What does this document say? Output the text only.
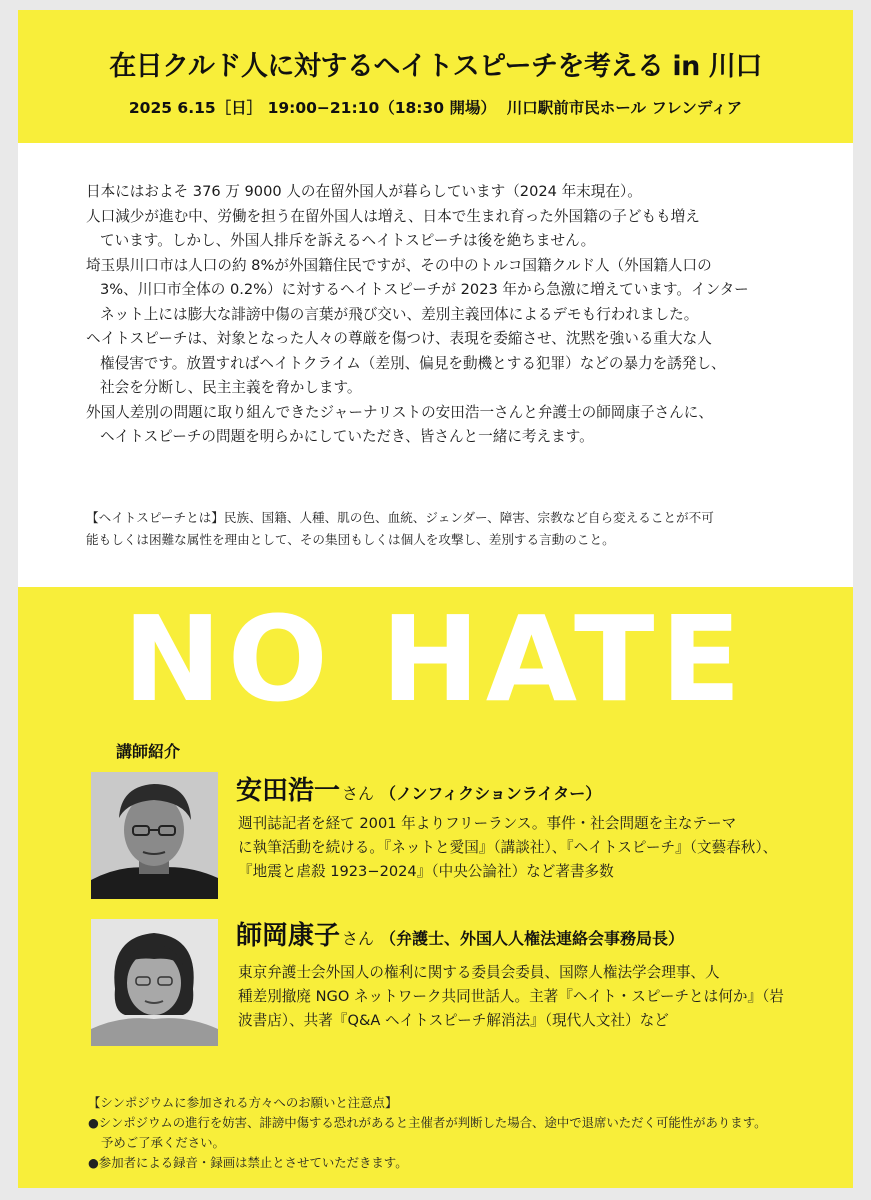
在日クルド人に対するヘイトスピーチを考える in 川口
2025 6.15［日］ 19:00−21:10（18:30 開場）  川口駅前市民ホール フレンディア

日本にはおよそ 376 万 9000 人の在留外国人が暮らしています（2024 年末現在）。

人口減少が進む中、労働を担う在留外国人は増え、日本で生まれ育った外国籍の子どもも増え

ています。しかし、外国人排斥を訴えるヘイトスピーチは後を絶ちません。

埼玉県川口市は人口の約 8%が外国籍住民ですが、その中のトルコ国籍クルド人（外国籍人口の

3%、川口市全体の 0.2%）に対するヘイトスピーチが 2023 年から急激に増えています。インター

ネット上には膨大な誹謗中傷の言葉が飛び交い、差別主義団体によるデモも行われました。

ヘイトスピーチは、対象となった人々の尊厳を傷つけ、表現を委縮させ、沈黙を強いる重大な人

権侵害です。放置すればヘイトクライム（差別、偏見を動機とする犯罪）などの暴力を誘発し、

社会を分断し、民主主義を脅かします。

外国人差別の問題に取り組んできたジャーナリストの安田浩一さんと弁護士の師岡康子さんに、

ヘイトスピーチの問題を明らかにしていただき、皆さんと一緒に考えます。

【ヘイトスピーチとは】民族、国籍、人種、肌の色、血統、ジェンダー、障害、宗教など自ら変えることが不可

能もしくは困難な属性を理由として、その集団もしくは個人を攻撃し、差別する言動のこと。

NO HATE
講師紹介
安田浩一 さん （ノンフィクションライター）

週刊誌記者を経て 2001 年よりフリーランス。事件・社会問題を主なテーマ

に執筆活動を続ける。『ネットと愛国』（講談社）、『ヘイトスピーチ』（文藝春秋）、

『地震と虐殺 1923−2024』（中央公論社）など著書多数

師岡康子 さん （弁護士、外国人人権法連絡会事務局長）

東京弁護士会外国人の権利に関する委員会委員、国際人権法学会理事、人

種差別撤廃 NGO ネットワーク共同世話人。主著『ヘイト・スピーチとは何か』（岩

波書店）、共著『Q&A ヘイトスピーチ解消法』（現代人文社）など

【シンポジウムに参加される方々へのお願いと注意点】

●シンポジウムの進行を妨害、誹謗中傷する恐れがあると主催者が判断した場合、途中で退席いただく可能性があります。

予めご了承ください。

●参加者による録音・録画は禁止とさせていただきます。
